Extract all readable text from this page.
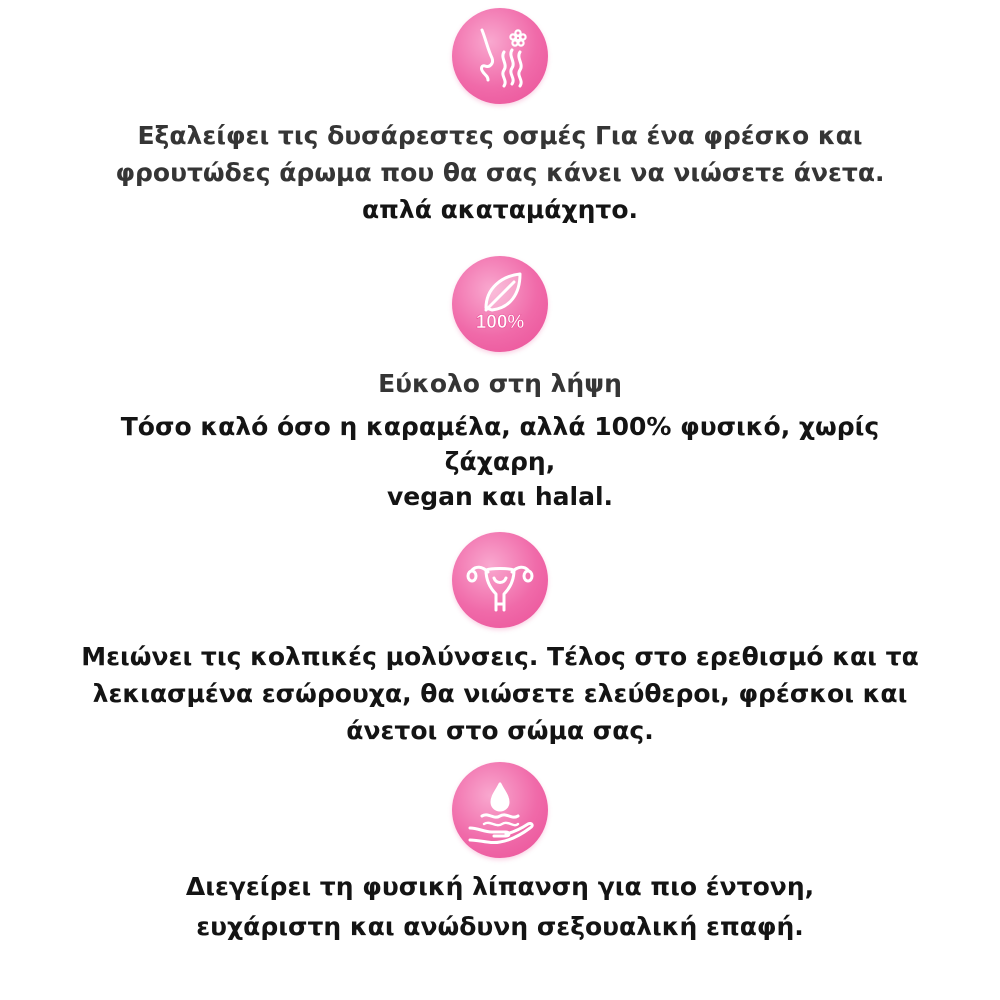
Εξαλείφει τις δυσάρεστες οσμές Για ένα φρέσκο και

φρουτώδες άρωμα που θα σας κάνει να νιώσετε άνετα.

απλά ακαταμάχητο.

100%

Εύκολο στη λήψη

Τόσο καλό όσο η καραμέλα, αλλά 100% φυσικό, χωρίς

ζάχαρη,

vegan και halal.

Μειώνει τις κολπικές μολύνσεις. Τέλος στο ερεθισμό και τα

λεκιασμένα εσώρουχα, θα νιώσετε ελεύθεροι, φρέσκοι και

άνετοι στο σώμα σας.

Διεγείρει τη φυσική λίπανση για πιο έντονη,

ευχάριστη και ανώδυνη σεξουαλική επαφή.
